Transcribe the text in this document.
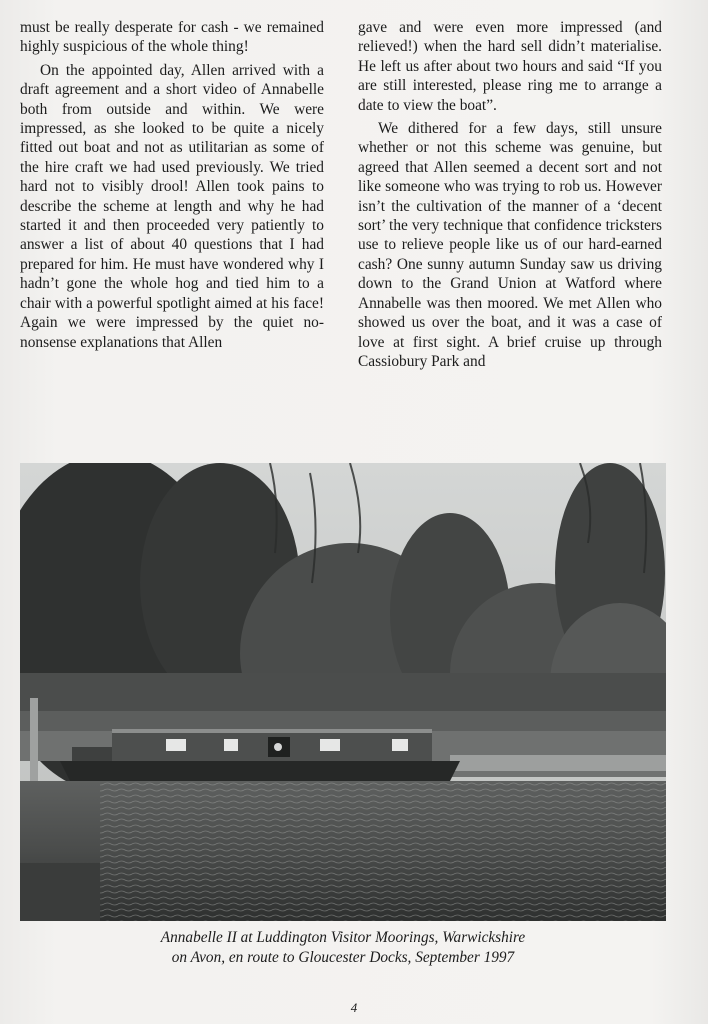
must be really desperate for cash - we remained highly suspicious of the whole thing!

On the appointed day, Allen arrived with a draft agreement and a short video of Annabelle both from outside and within. We were impressed, as she looked to be quite a nicely fitted out boat and not as utilitarian as some of the hire craft we had used previously. We tried hard not to visibly drool! Allen took pains to describe the scheme at length and why he had started it and then proceeded very patiently to answer a list of about 40 questions that I had prepared for him. He must have wondered why I hadn’t gone the whole hog and tied him to a chair with a powerful spotlight aimed at his face! Again we were impressed by the quiet no-nonsense explanations that Allen

gave and were even more impressed (and relieved!) when the hard sell didn’t materialise. He left us after about two hours and said “If you are still interested, please ring me to arrange a date to view the boat”.

We dithered for a few days, still unsure whether or not this scheme was genuine, but agreed that Allen seemed a decent sort and not like someone who was trying to rob us. However isn’t the cultivation of the manner of a ‘decent sort’ the very technique that confidence tricksters use to relieve people like us of our hard-earned cash? One sunny autumn Sunday saw us driving down to the Grand Union at Watford where Annabelle was then moored. We met Allen who showed us over the boat, and it was a case of love at first sight. A brief cruise up through Cassiobury Park and

Annabelle II at Luddington Visitor Moorings, Warwickshire
on Avon, en route to Gloucester Docks, September 1997
4
